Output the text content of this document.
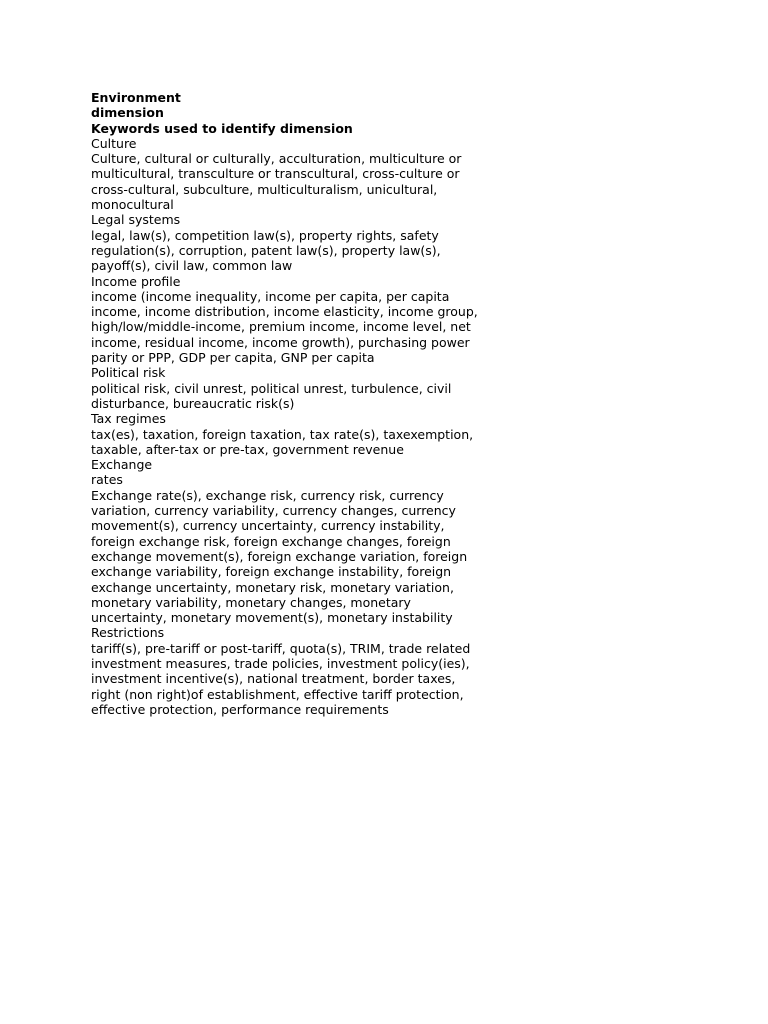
Environment
dimension
Keywords used to identify dimension
Culture
Culture, cultural or culturally, acculturation, multiculture or
multicultural, transculture or transcultural, cross-culture or
cross-cultural, subculture, multiculturalism, unicultural,
monocultural
Legal systems
legal, law(s), competition law(s), property rights, safety
regulation(s), corruption, patent law(s), property law(s),
payoff(s), civil law, common law
Income profile
income (income inequality, income per capita, per capita
income, income distribution, income elasticity, income group,
high/low/middle-income, premium income, income level, net
income, residual income, income growth), purchasing power
parity or PPP, GDP per capita, GNP per capita
Political risk
political risk, civil unrest, political unrest, turbulence, civil
disturbance, bureaucratic risk(s)
Tax regimes
tax(es), taxation, foreign taxation, tax rate(s), taxexemption,
taxable, after-tax or pre-tax, government revenue
Exchange
rates
Exchange rate(s), exchange risk, currency risk, currency
variation, currency variability, currency changes, currency
movement(s), currency uncertainty, currency instability,
foreign exchange risk, foreign exchange changes, foreign
exchange movement(s), foreign exchange variation, foreign
exchange variability, foreign exchange instability, foreign
exchange uncertainty, monetary risk, monetary variation,
monetary variability, monetary changes, monetary
uncertainty, monetary movement(s), monetary instability
Restrictions
tariff(s), pre-tariff or post-tariff, quota(s), TRIM, trade related
investment measures, trade policies, investment policy(ies),
investment incentive(s), national treatment, border taxes,
right (non right)of establishment, effective tariff protection,
effective protection, performance requirements
